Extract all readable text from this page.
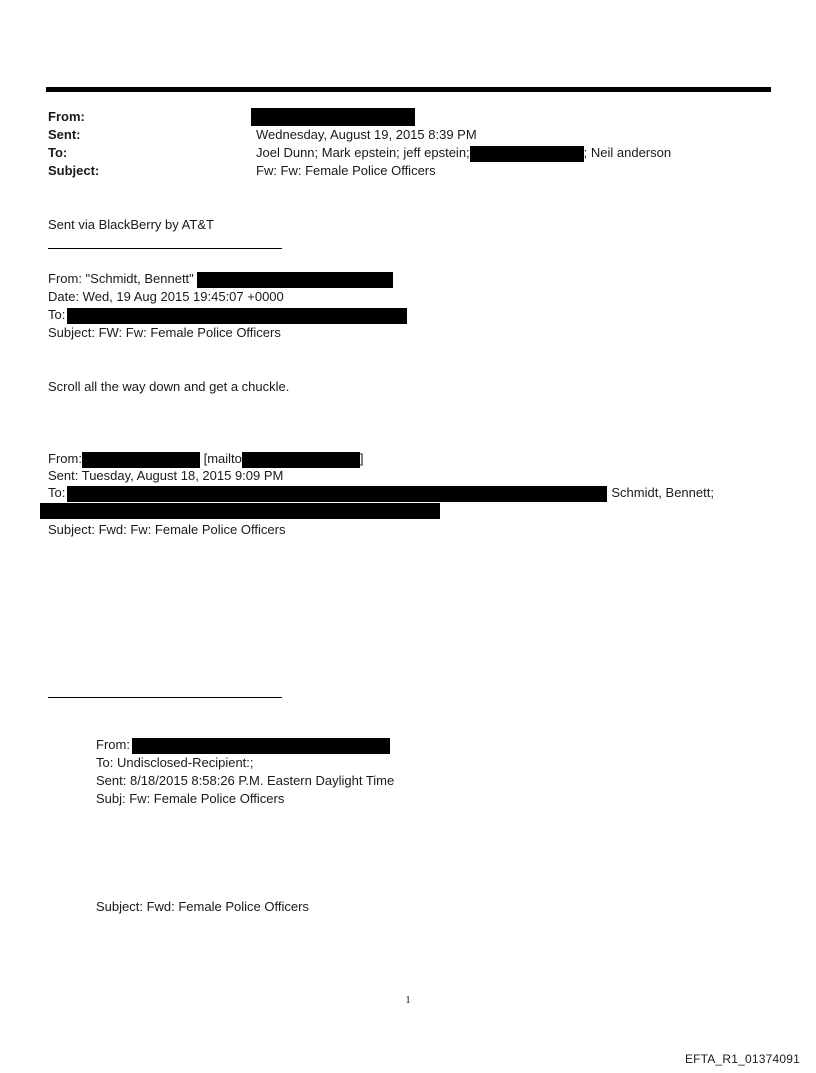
From:
Sent:	Wednesday, August 19, 2015 8:39 PM
To:	Joel Dunn; Mark epstein; jeff epstein;	; Neil anderson
Subject:	Fw: Fw: Female Police Officers
Sent via BlackBerry by AT&T
From: "Schmidt, Bennett"
Date: Wed, 19 Aug 2015 19:45:07 +0000
To:
Subject: FW: Fw: Female Police Officers
Scroll all the way down and get a chuckle.
From:	[mailto	]
Sent: Tuesday, August 18, 2015 9:09 PM
To:	Schmidt, Bennett;
Subject: Fwd: Fw: Female Police Officers
From:
To: Undisclosed-Recipient:;
Sent: 8/18/2015 8:58:26 P.M. Eastern Daylight Time
Subj: Fw: Female Police Officers
Subject: Fwd: Female Police Officers
1
EFTA_R1_01374091
